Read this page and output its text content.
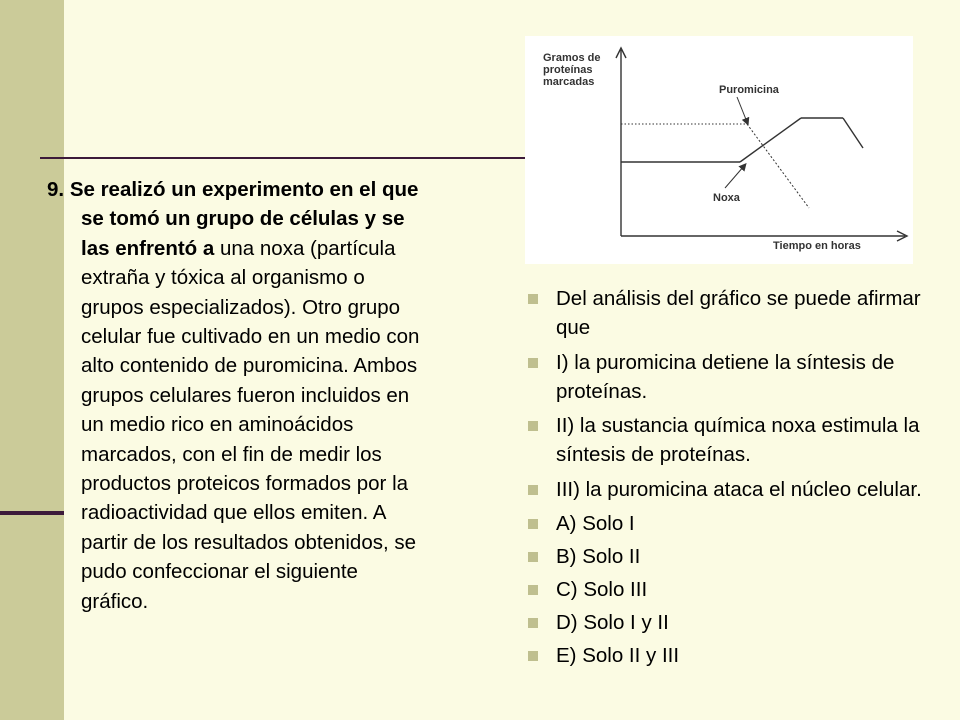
9. Se realizó un experimento en el que
se tomó un grupo de células y se
las enfrentó a una noxa (partícula
extraña y tóxica al organismo o
grupos especializados). Otro grupo
celular fue cultivado en un medio con
alto contenido de puromicina. Ambos
grupos celulares fueron incluidos en
un medio rico en aminoácidos
marcados, con el fin de medir los
productos proteicos formados por la
radioactividad que ellos emiten. A
partir de los resultados obtenidos, se
pudo confeccionar el siguiente
gráfico.
Gramos de
proteínas
marcadas
Tiempo en horas
Puromicina
Noxa
Del análisis del gráfico se puede afirmar que
I) la puromicina detiene la síntesis de proteínas.
II) la sustancia química noxa estimula la síntesis de proteínas.
III) la puromicina ataca el núcleo celular.
A) Solo I
B) Solo II
C) Solo III
D) Solo I y II
E) Solo II y III
